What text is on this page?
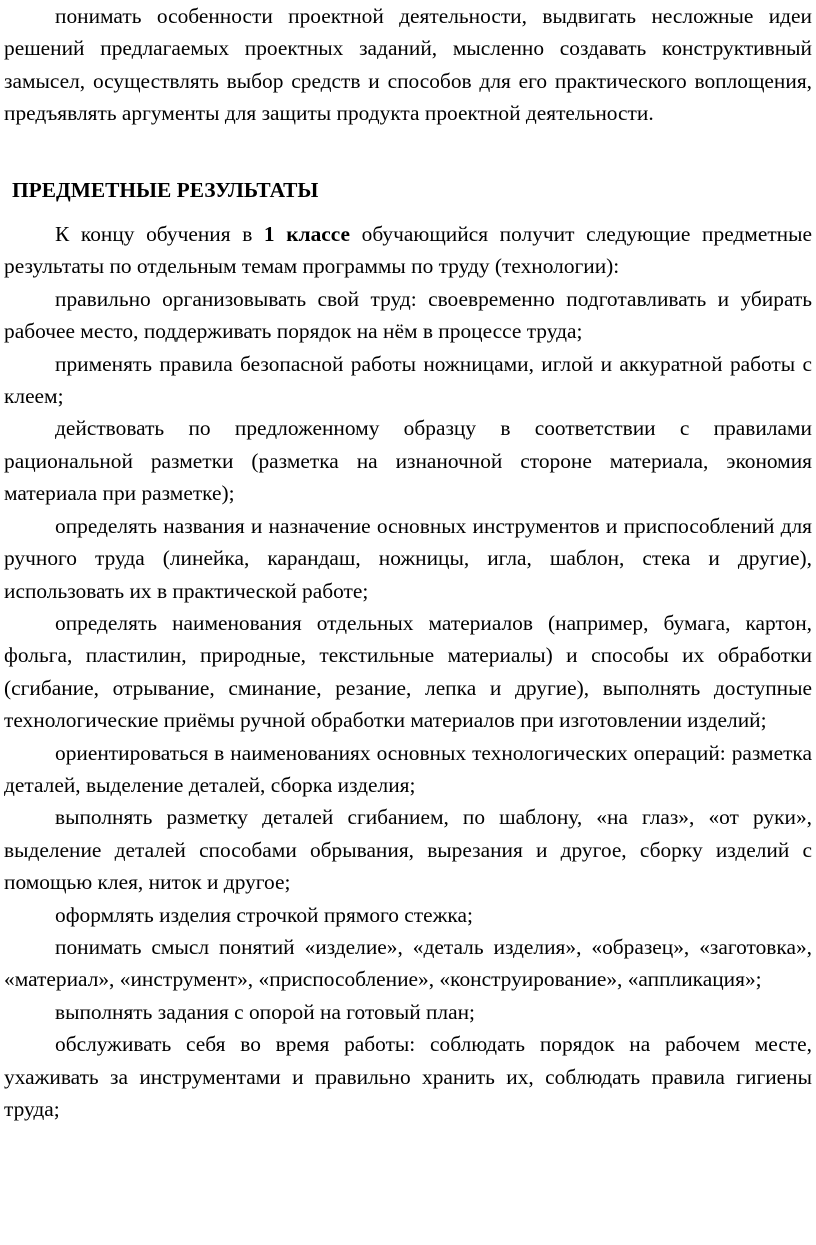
понимать особенности проектной деятельности, выдвигать несложные идеи решений предлагаемых проектных заданий, мысленно создавать конструктивный замысел, осуществлять выбор средств и способов для его практического воплощения, предъявлять аргументы для защиты продукта проектной деятельности.

ПРЕДМЕТНЫЕ РЕЗУЛЬТАТЫ

К концу обучения в 1 классе обучающийся получит следующие предметные результаты по отдельным темам программы по труду (технологии):

правильно организовывать свой труд: своевременно подготавливать и убирать рабочее место, поддерживать порядок на нём в процессе труда;

применять правила безопасной работы ножницами, иглой и аккуратной работы с клеем;

действовать по предложенному образцу в соответствии с правилами рациональной разметки (разметка на изнаночной стороне материала, экономия материала при разметке);

определять названия и назначение основных инструментов и приспособлений для ручного труда (линейка, карандаш, ножницы, игла, шаблон, стека и другие), использовать их в практической работе;

определять наименования отдельных материалов (например, бумага, картон, фольга, пластилин, природные, текстильные материалы) и способы их обработки (сгибание, отрывание, сминание, резание, лепка и другие), выполнять доступные технологические приёмы ручной обработки материалов при изготовлении изделий;

ориентироваться в наименованиях основных технологических операций: разметка деталей, выделение деталей, сборка изделия;

выполнять разметку деталей сгибанием, по шаблону, «на глаз», «от руки», выделение деталей способами обрывания, вырезания и другое, сборку изделий с помощью клея, ниток и другое;

оформлять изделия строчкой прямого стежка;

понимать смысл понятий «изделие», «деталь изделия», «образец», «заготовка», «материал», «инструмент», «приспособление», «конструирование», «аппликация»;

выполнять задания с опорой на готовый план;

обслуживать себя во время работы: соблюдать порядок на рабочем месте, ухаживать за инструментами и правильно хранить их, соблюдать правила гигиены труда;
